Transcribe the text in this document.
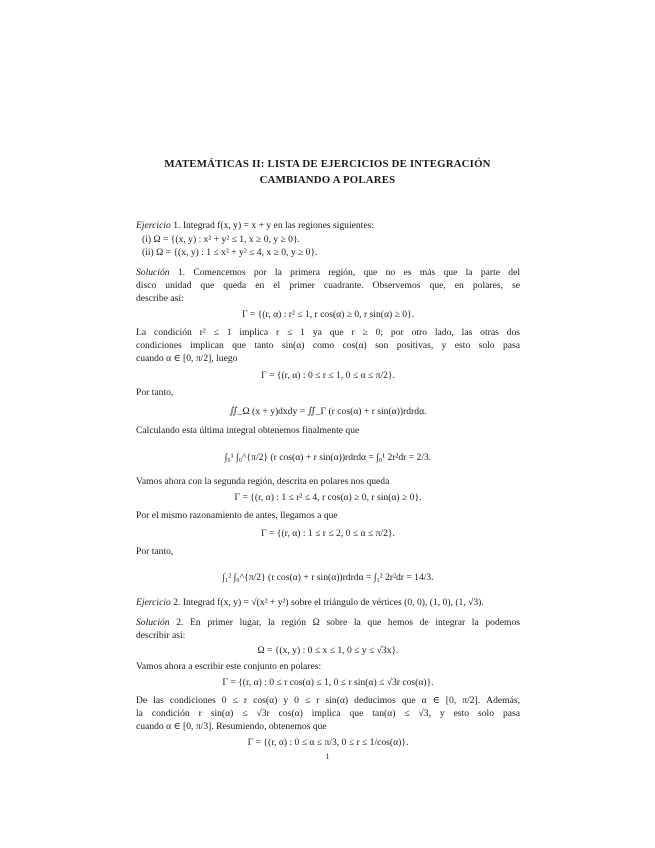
MATEMÁTICAS II: LISTA DE EJERCICIOS DE INTEGRACIÓN
CAMBIANDO A POLARES
Ejercicio 1. Integrad f(x, y) = x + y en las regiones siguientes:
(i) Ω = {(x, y) : x² + y² ≤ 1, x ≥ 0, y ≥ 0}.
(ii) Ω = {(x, y) : 1 ≤ x² + y² ≤ 4, x ≥ 0, y ≥ 0}.
Solución 1. Comencemos por la primera región, que no es más que la parte del
disco unidad que queda en el primer cuadrante. Observemos que, en polares, se
describe así:
Γ = {(r, α) : r² ≤ 1, r cos(α) ≥ 0, r sin(α) ≥ 0}.
La condición r² ≤ 1 implica r ≤ 1 ya que r ≥ 0; por otro lado, las otras dos
condiciones implican que tanto sin(α) como cos(α) son positivas, y esto solo pasa
cuando α ∈ [0, π/2], luego
Γ = {(r, α) : 0 ≤ r ≤ 1, 0 ≤ α ≤ π/2}.
Por tanto,
∬_Ω (x + y)dxdy = ∬_Γ (r cos(α) + r sin(α))rdrdα.
Calculando esta última integral obtenemos finalmente que
∫₀¹ ∫₀^{π/2} (r cos(α) + r sin(α))rdrdα = ∫₀¹ 2r²dr = 2/3.
Vamos ahora con la segunda región, descrita en polares nos queda
Γ = {(r, α) : 1 ≤ r² ≤ 4, r cos(α) ≥ 0, r sin(α) ≥ 0}.
Por el mismo razonamiento de antes, llegamos a que
Γ = {(r, α) : 1 ≤ r ≤ 2, 0 ≤ α ≤ π/2}.
Por tanto,
∫₁² ∫₀^{π/2} (r cos(α) + r sin(α))rdrdα = ∫₁² 2r²dr = 14/3.
Ejercicio 2. Integrad f(x, y) = √(x² + y²) sobre el triángulo de vértices (0, 0), (1, 0), (1, √3).
Solución 2. En primer lugar, la región Ω sobre la que hemos de integrar la podemos
describir así:
Ω = {(x, y) : 0 ≤ x ≤ 1, 0 ≤ y ≤ √3x}.
Vamos ahora a escribir este conjunto en polares:
Γ = {(r, α) : 0 ≤ r cos(α) ≤ 1, 0 ≤ r sin(α) ≤ √3r cos(α)}.
De las condiciones 0 ≤ r cos(α) y 0 ≤ r sin(α) deducimos que α ∈ [0, π/2]. Además,
la condición r sin(α) ≤ √3r cos(α) implica que tan(α) ≤ √3, y esto solo pasa
cuando α ∈ [0, π/3]. Resumiendo, obtenemos que
Γ = {(r, α) : 0 ≤ α ≤ π/3, 0 ≤ r ≤ 1/cos(α)}.
1
